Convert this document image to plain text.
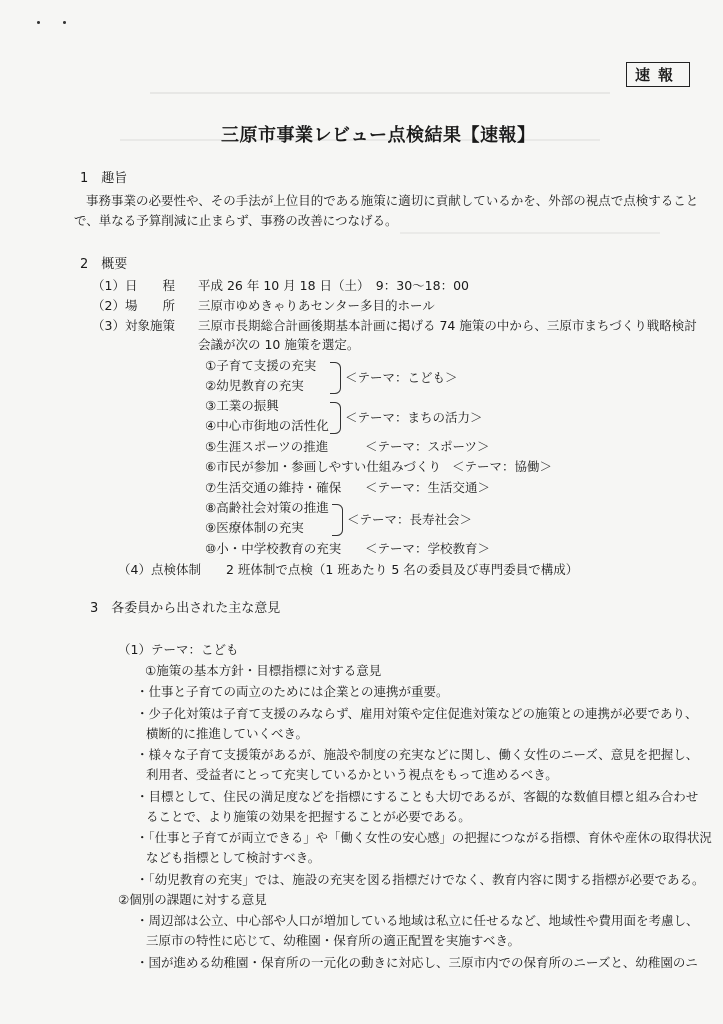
速報
三原市事業レビュー点検結果【速報】
1　趣旨
事務事業の必要性や、その手法が上位目的である施策に適切に貢献しているかを、外部の視点で点検すること
で、単なる予算削減に止まらず、事務の改善につなげる。
2　概要
（1）日　　程 平成 26 年 10 月 18 日（土）　9：30〜18：00
（2）場　　所 三原市ゆめきゃりあセンター多目的ホール
（3）対象施策 三原市長期総合計画後期基本計画に掲げる 74 施策の中から、三原市まちづくり戦略検討
会議が次の 10 施策を選定。
①子育て支援の充実
②幼児教育の充実
＜テーマ：こども＞
③工業の振興
④中心市街地の活性化
＜テーマ：まちの活力＞
⑤生涯スポーツの推進	＜テーマ：スポーツ＞
⑥市民が参加・参画しやすい仕組みづくり ＜テーマ：協働＞
⑦生活交通の維持・確保 ＜テーマ：生活交通＞
⑧高齢社会対策の推進
⑨医療体制の充実
＜テーマ：長寿社会＞
⑩小・中学校教育の充実 ＜テーマ：学校教育＞
（4）点検体制 2 班体制で点検（1 班あたり 5 名の委員及び専門委員で構成）
3　各委員から出された主な意見
（1）テーマ：こども
①施策の基本方針・目標指標に対する意見
・仕事と子育ての両立のためには企業との連携が重要。
・少子化対策は子育て支援のみならず、雇用対策や定住促進対策などの施策との連携が必要であり、
横断的に推進していくべき。
・様々な子育て支援策があるが、施設や制度の充実などに関し、働く女性のニーズ、意見を把握し、
利用者、受益者にとって充実しているかという視点をもって進めるべき。
・目標として、住民の満足度などを指標にすることも大切であるが、客観的な数値目標と組み合わせ
ることで、より施策の効果を把握することが必要である。
・「仕事と子育てが両立できる」や「働く女性の安心感」の把握につながる指標、育休や産休の取得状況
なども指標として検討すべき。
・「幼児教育の充実」では、施設の充実を図る指標だけでなく、教育内容に関する指標が必要である。
②個別の課題に対する意見
・周辺部は公立、中心部や人口が増加している地域は私立に任せるなど、地域性や費用面を考慮し、
三原市の特性に応じて、幼稚園・保育所の適正配置を実施すべき。
・国が進める幼稚園・保育所の一元化の動きに対応し、三原市内での保育所のニーズと、幼稚園のニ
